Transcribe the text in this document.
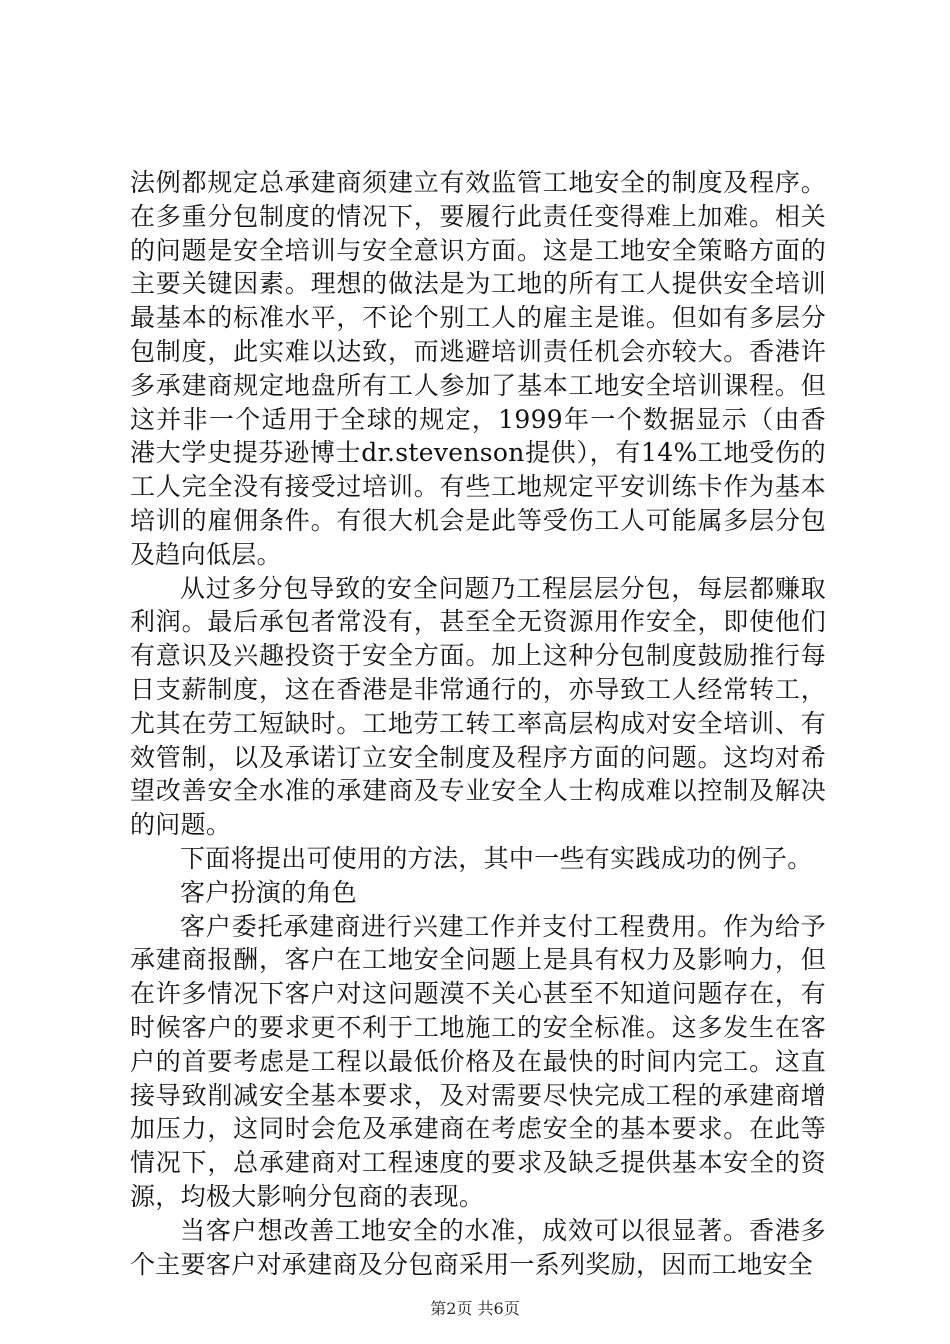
法例都规定总承建商须建立有效监管工地安全的制度及程序。在多重分包制度的情况下，要履行此责任变得难上加难。相关的问题是安全培训与安全意识方面。这是工地安全策略方面的主要关键因素。理想的做法是为工地的所有工人提供安全培训最基本的标准水平，不论个别工人的雇主是谁。但如有多层分包制度，此实难以达致，而逃避培训责任机会亦较大。香港许多承建商规定地盘所有工人参加了基本工地安全培训课程。但这并非一个适用于全球的规定，1999年一个数据显示（由香港大学史提芬逊博士dr.stevenson提供），有14%工地受伤的工人完全没有接受过培训。有些工地规定平安训练卡作为基本培训的雇佣条件。有很大机会是此等受伤工人可能属多层分包及趋向低层。

从过多分包导致的安全问题乃工程层层分包，每层都赚取利润。最后承包者常没有，甚至全无资源用作安全，即使他们有意识及兴趣投资于安全方面。加上这种分包制度鼓励推行每日支薪制度，这在香港是非常通行的，亦导致工人经常转工，尤其在劳工短缺时。工地劳工转工率高层构成对安全培训、有效管制，以及承诺订立安全制度及程序方面的问题。这均对希望改善安全水准的承建商及专业安全人士构成难以控制及解决的问题。

下面将提出可使用的方法，其中一些有实践成功的例子。

客户扮演的角色

客户委托承建商进行兴建工作并支付工程费用。作为给予承建商报酬，客户在工地安全问题上是具有权力及影响力，但在许多情况下客户对这问题漠不关心甚至不知道问题存在，有时候客户的要求更不利于工地施工的安全标准。这多发生在客户的首要考虑是工程以最低价格及在最快的时间内完工。这直接导致削减安全基本要求，及对需要尽快完成工程的承建商增加压力，这同时会危及承建商在考虑安全的基本要求。在此等情况下，总承建商对工程速度的要求及缺乏提供基本安全的资源，均极大影响分包商的表现。

当客户想改善工地安全的水准，成效可以很显著。香港多个主要客户对承建商及分包商采用一系列奖励，因而工地安全

第2页 共6页
